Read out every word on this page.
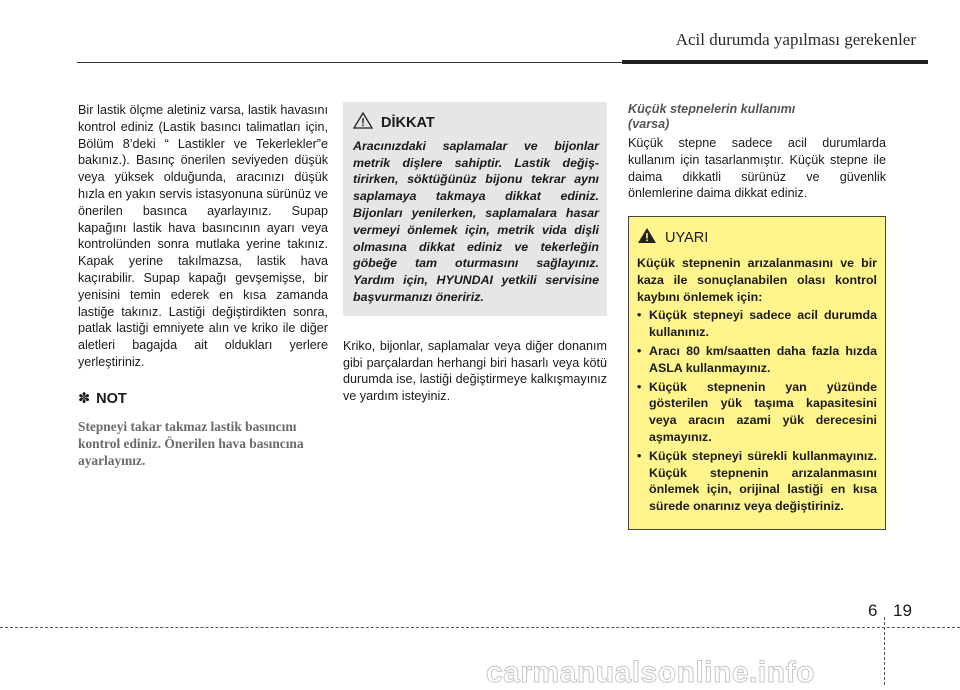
Acil durumda yapılması gerekenler
Bir lastik ölçme aletiniz varsa, lastik havasını kontrol ediniz (Lastik basıncı talimatları için, Bölüm 8’deki “ Lastikler ve Tekerlekler”e bakınız.). Basınç önerilen seviyeden düşük veya yüksek olduğunda, aracınızı düşük hızla en yakın servis istasyonuna sürünüz ve önerilen basınca ayarlayınız. Supap kapağını lastik hava basıncının ayarı veya kontrolünden sonra mutlaka yerine takınız. Kapak yerine takılmazsa, lastik hava kaçırabilir. Supap kapağı gevşemişse, bir yenisini temin ederek en kısa zamanda lastiğe takınız. Lastiği değiştirdikten sonra, patlak lastiği emniyete alın ve kriko ile diğer aletleri bagajda ait oldukları yerlere yerleştiriniz.
✽ NOT
Stepneyi takar takmaz lastik basıncını kontrol ediniz. Önerilen hava basıncına ayarlayınız.
DİKKAT
Aracınızdaki saplamalar ve bijonlar metrik dişlere sahiptir. Lastik değiştirirken, söktüğünüz bijonu tekrar aynı saplamaya takmaya dikkat ediniz. Bijonları yenilerken, saplamalara hasar vermeyi önlemek için, metrik vida dişli olmasına dikkat ediniz ve tekerleğin göbeğe tam oturmasını sağlayınız. Yardım için, HYUNDAI yetkili servisine başvurmanızı öneririz.
Kriko, bijonlar, saplamalar veya diğer donanım gibi parçalardan herhangi biri hasarlı veya kötü durumda ise, lastiği değiştirmeye kalkışmayınız ve yardım isteyiniz.
Küçük stepnelerin kullanımı
(varsa)
Küçük stepne sadece acil durumlarda kullanım için tasarlanmıştır. Küçük stepne ile daima dikkatli sürünüz ve güvenlik önlemlerine daima dikkat ediniz.
UYARI
Küçük stepnenin arızalanmasını ve bir kaza ile sonuçlanabilen olası kontrol kaybını önlemek için:
• Küçük stepneyi sadece acil durumda kullanınız.
• Aracı 80 km/saatten daha fazla hızda ASLA kullanmayınız.
• Küçük stepnenin yan yüzünde gösterilen yük taşıma kapasitesini veya aracın azami yük derecesini aşmayınız.
• Küçük stepneyi sürekli kullanmayınız. Küçük stepnenin arızalanmasını önlemek için, orijinal lastiği en kısa sürede onarınız veya değiştiriniz.
6 19
carmanualsonline.info
